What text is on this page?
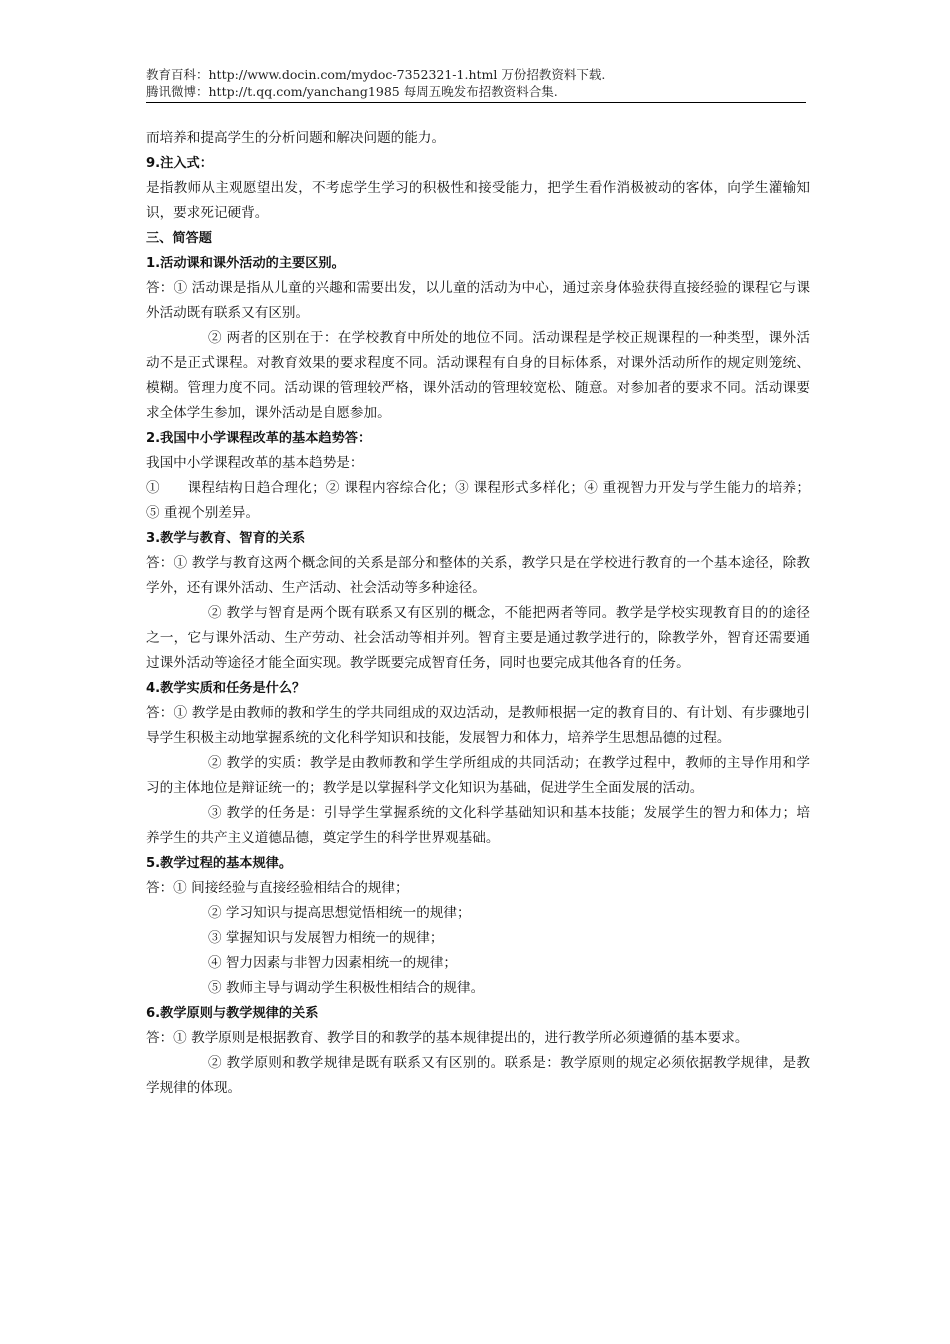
教育百科：http://www.docin.com/mydoc-7352321-1.html 万份招教资料下载.
腾讯微博：http://t.qq.com/yanchang1985 每周五晚发布招教资料合集.

而培养和提高学生的分析问题和解决问题的能力。

9.注入式：

是指教师从主观愿望出发，不考虑学生学习的积极性和接受能力，把学生看作消极被动的客体，向学生灌输知识，要求死记硬背。

三、简答题

1.活动课和课外活动的主要区别。

答：① 活动课是指从儿童的兴趣和需要出发，以儿童的活动为中心，通过亲身体验获得直接经验的课程它与课外活动既有联系又有区别。

② 两者的区别在于：在学校教育中所处的地位不同。活动课程是学校正规课程的一种类型，课外活动不是正式课程。对教育效果的要求程度不同。活动课程有自身的目标体系，对课外活动所作的规定则笼统、模糊。管理力度不同。活动课的管理较严格，课外活动的管理较宽松、随意。对参加者的要求不同。活动课要求全体学生参加，课外活动是自愿参加。

2.我国中小学课程改革的基本趋势答：

我国中小学课程改革的基本趋势是：

①　　课程结构日趋合理化；② 课程内容综合化；③ 课程形式多样化；④ 重视智力开发与学生能力的培养；⑤ 重视个别差异。

3.教学与教育、智育的关系

答：① 教学与教育这两个概念间的关系是部分和整体的关系，教学只是在学校进行教育的一个基本途径，除教学外，还有课外活动、生产活动、社会活动等多种途径。

② 教学与智育是两个既有联系又有区别的概念，不能把两者等同。教学是学校实现教育目的的途径之一，它与课外活动、生产劳动、社会活动等相并列。智育主要是通过教学进行的，除教学外，智育还需要通过课外活动等途径才能全面实现。教学既要完成智育任务，同时也要完成其他各育的任务。

4.教学实质和任务是什么？

答：① 教学是由教师的教和学生的学共同组成的双边活动，是教师根据一定的教育目的、有计划、有步骤地引导学生积极主动地掌握系统的文化科学知识和技能，发展智力和体力，培养学生思想品德的过程。

② 教学的实质：教学是由教师教和学生学所组成的共同活动；在教学过程中，教师的主导作用和学习的主体地位是辩证统一的；教学是以掌握科学文化知识为基础，促进学生全面发展的活动。

③ 教学的任务是：引导学生掌握系统的文化科学基础知识和基本技能；发展学生的智力和体力；培养学生的共产主义道德品德，奠定学生的科学世界观基础。

5.教学过程的基本规律。

答：① 间接经验与直接经验相结合的规律；

② 学习知识与提高思想觉悟相统一的规律；

③ 掌握知识与发展智力相统一的规律；

④ 智力因素与非智力因素相统一的规律；

⑤ 教师主导与调动学生积极性相结合的规律。

6.教学原则与教学规律的关系

答：① 教学原则是根据教育、教学目的和教学的基本规律提出的，进行教学所必须遵循的基本要求。

② 教学原则和教学规律是既有联系又有区别的。联系是：教学原则的规定必须依据教学规律，是教学规律的体现。
